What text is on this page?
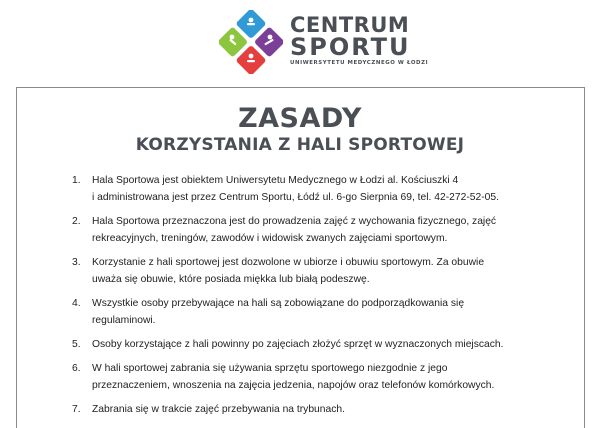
CENTRUM
SPORTU
UNIWERSYTETU MEDYCZNEGO W ŁODZI
ZASADY
KORZYSTANIA Z HALI SPORTOWEJ
1. Hala Sportowa jest obiektem Uniwersytetu Medycznego w Łodzi al. Kościuszki 4
i administrowana jest przez Centrum Sportu, Łódź ul. 6-go Sierpnia 69, tel. 42-272-52-05.
2. Hala Sportowa przeznaczona jest do prowadzenia zajęć z wychowania fizycznego, zajęć
rekreacyjnych, treningów, zawodów i widowisk zwanych zajęciami sportowym.
3. Korzystanie z hali sportowej jest dozwolone w ubiorze i obuwiu sportowym. Za obuwie
uważa się obuwie, które posiada miękka lub białą podeszwę.
4. Wszystkie osoby przebywające na hali są zobowiązane do podporządkowania się
regulaminowi.
5. Osoby korzystające z hali powinny po zajęciach złożyć sprzęt w wyznaczonych miejscach.
6. W hali sportowej zabrania się używania sprzętu sportowego niezgodnie z jego
przeznaczeniem, wnoszenia na zajęcia jedzenia, napojów oraz telefonów komórkowych.
7. Zabrania się w trakcie zajęć przebywania na trybunach.
